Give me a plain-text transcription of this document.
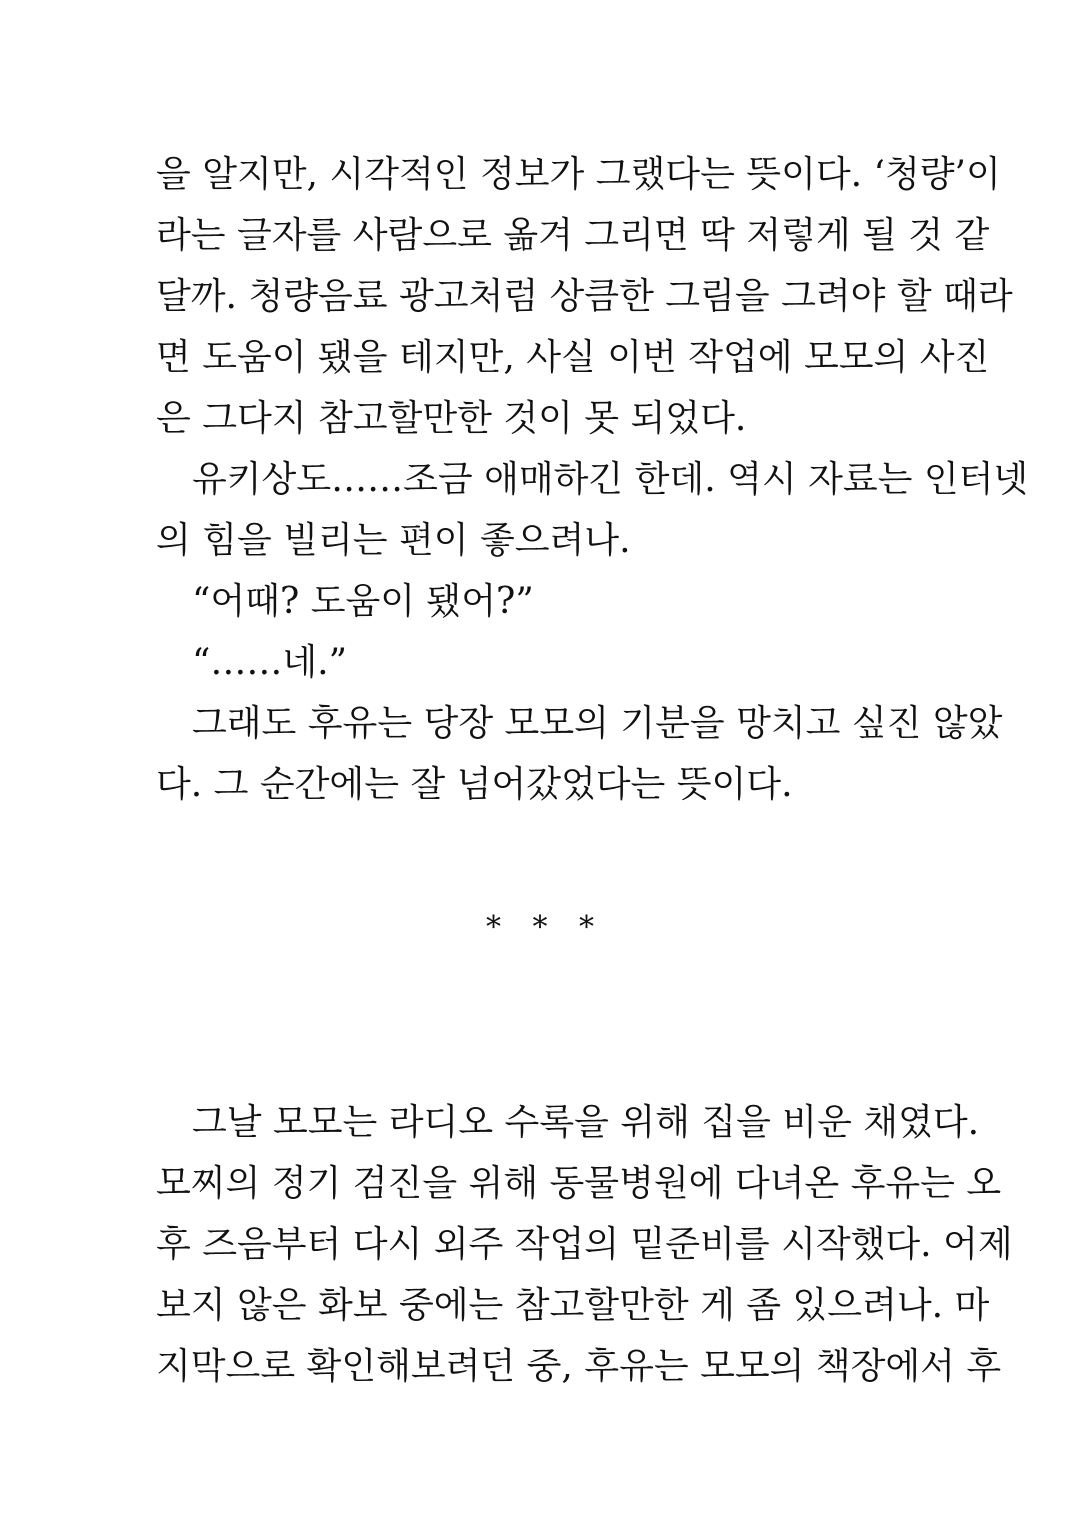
을 알지만, 시각적인 정보가 그랬다는 뜻이다. ‘청량’이
라는 글자를 사람으로 옮겨 그리면 딱 저렇게 될 것 같
달까. 청량음료 광고처럼 상큼한 그림을 그려야 할 때라
면 도움이 됐을 테지만, 사실 이번 작업에 모모의 사진
은 그다지 참고할만한 것이 못 되었다.
유키상도……조금 애매하긴 한데. 역시 자료는 인터넷
의 힘을 빌리는 편이 좋으려나.
“어때? 도움이 됐어?”
“……네.”
그래도 후유는 당장 모모의 기분을 망치고 싶진 않았
다. 그 순간에는 잘 넘어갔었다는 뜻이다.
* * *
그날 모모는 라디오 수록을 위해 집을 비운 채였다.
모찌의 정기 검진을 위해 동물병원에 다녀온 후유는 오
후 즈음부터 다시 외주 작업의 밑준비를 시작했다. 어제
보지 않은 화보 중에는 참고할만한 게 좀 있으려나. 마
지막으로 확인해보려던 중, 후유는 모모의 책장에서 후
